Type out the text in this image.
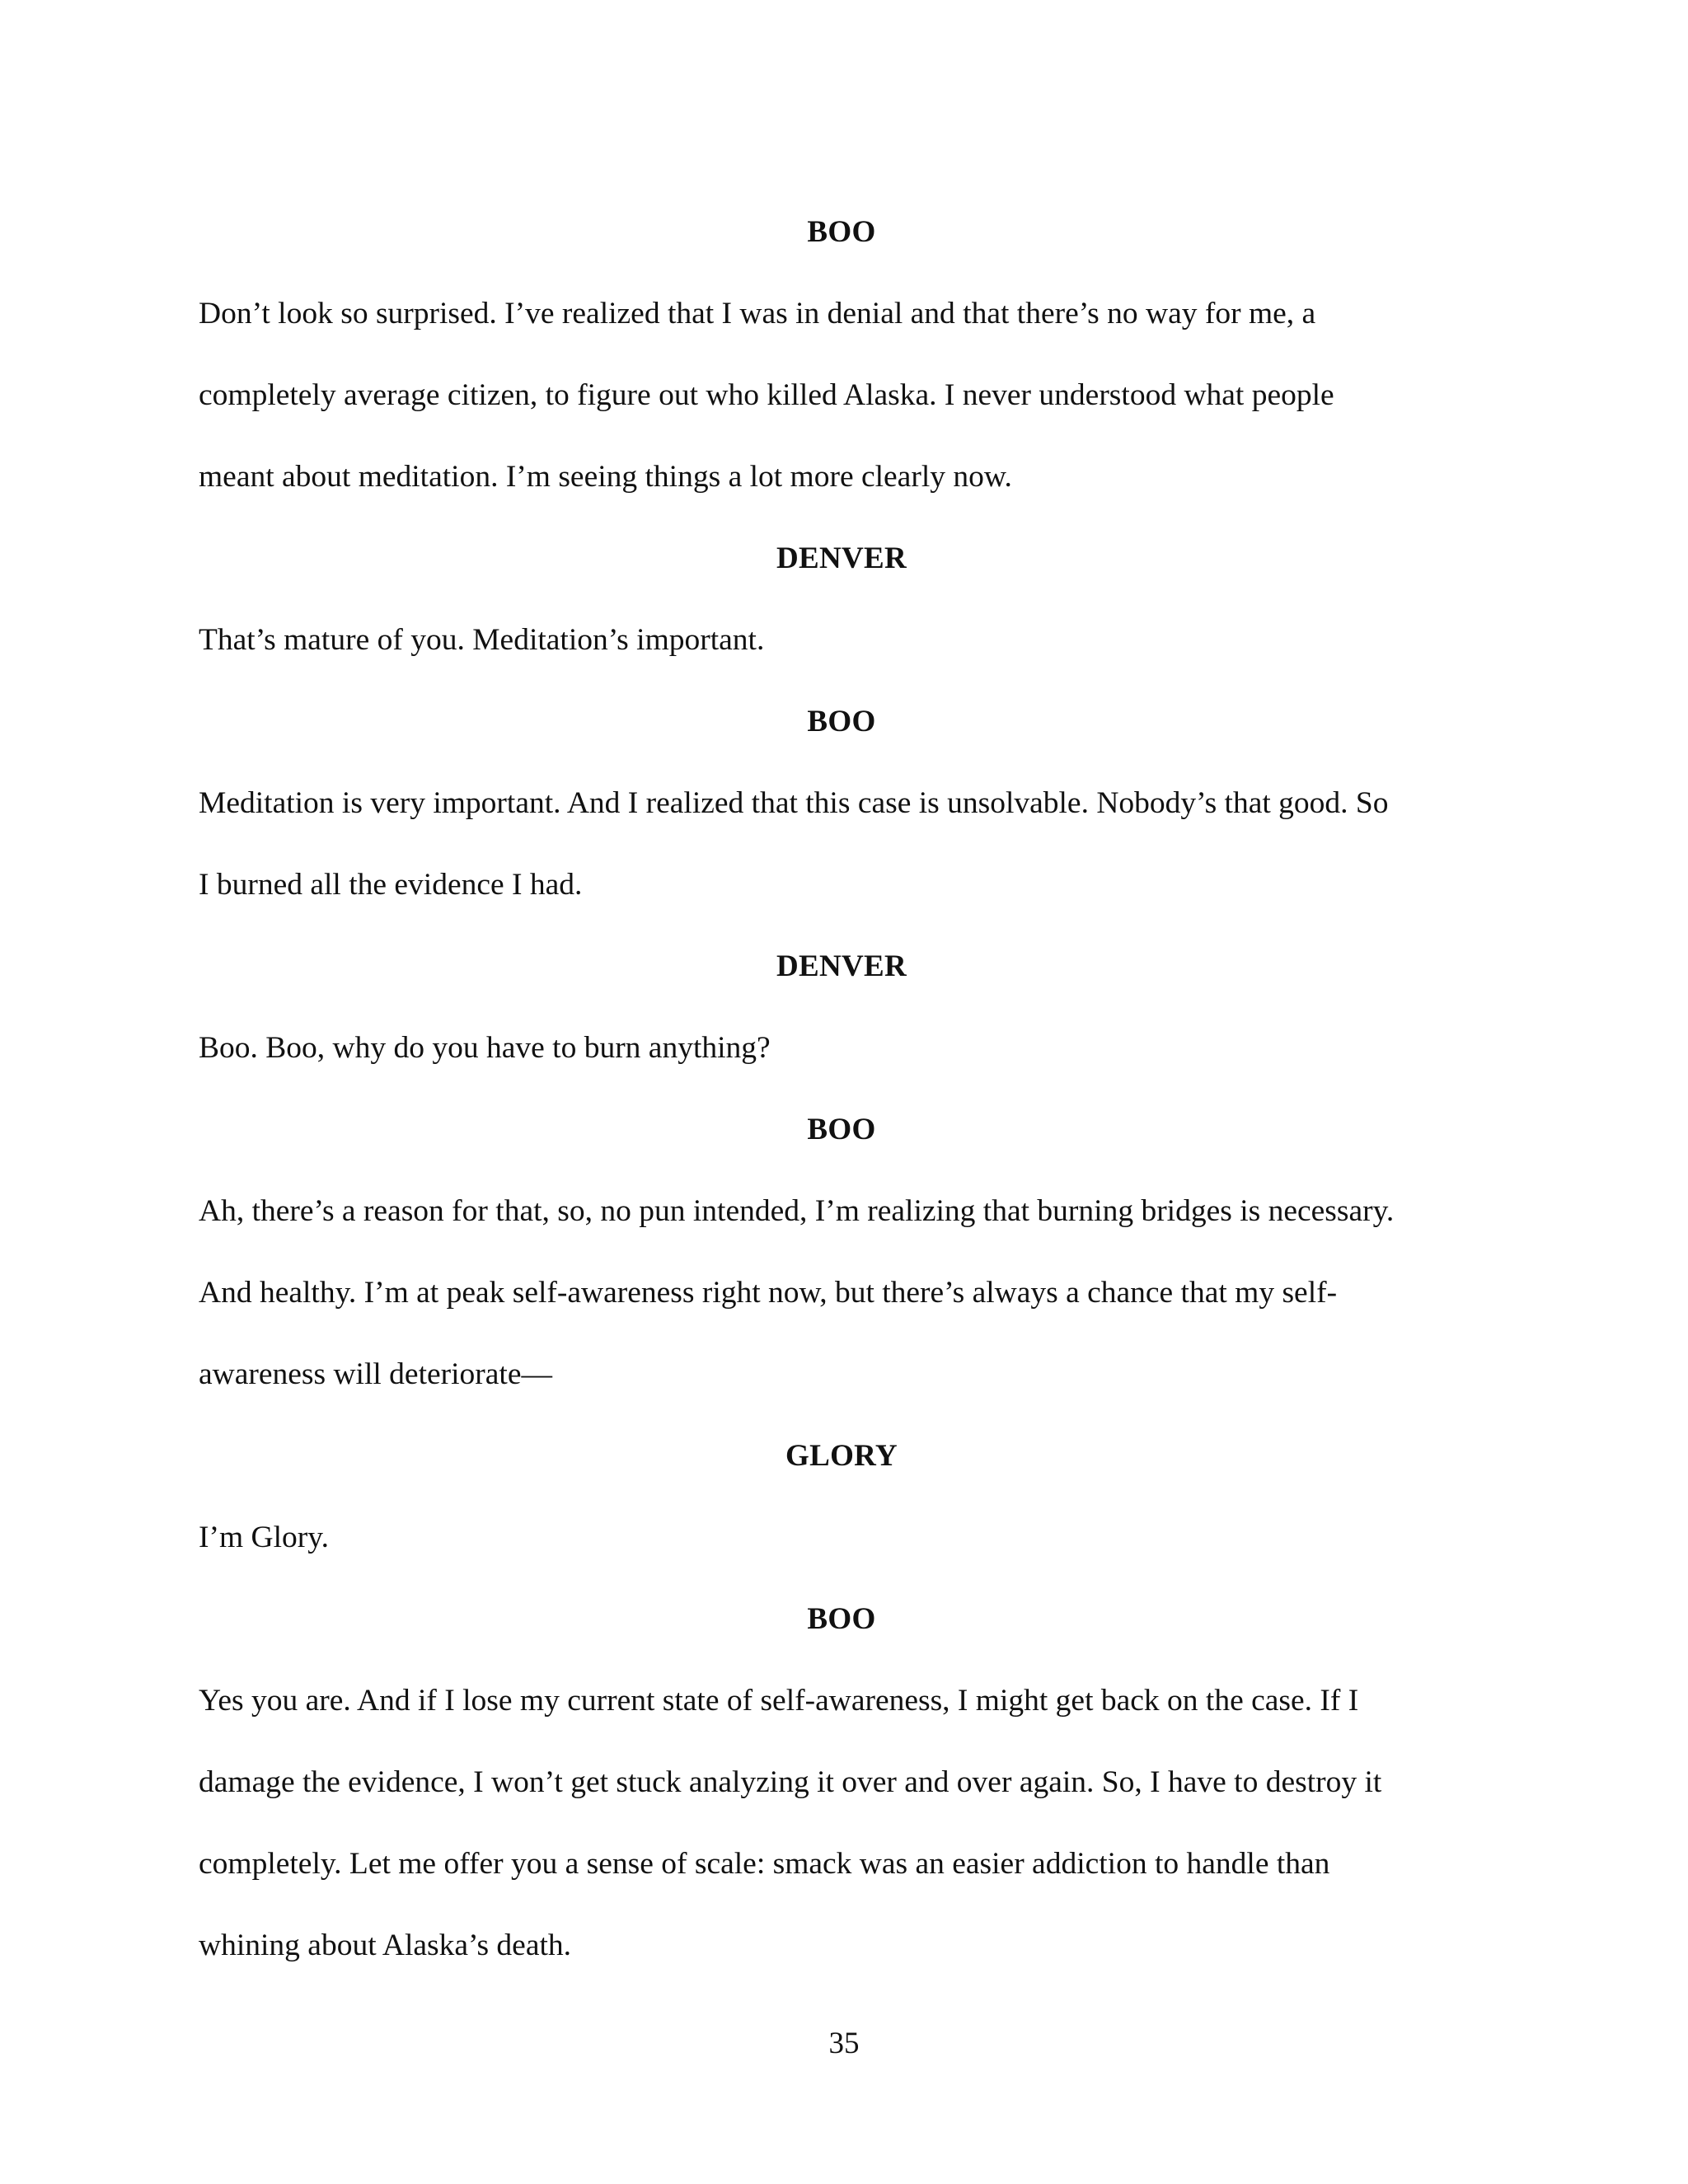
BOO

Don’t look so surprised. I’ve realized that I was in denial and that there’s no way for me, a

completely average citizen, to figure out who killed Alaska. I never understood what people

meant about meditation. I’m seeing things a lot more clearly now.

DENVER

That’s mature of you. Meditation’s important.

BOO

Meditation is very important. And I realized that this case is unsolvable. Nobody’s that good. So

I burned all the evidence I had.

DENVER

Boo. Boo, why do you have to burn anything?

BOO

Ah, there’s a reason for that, so, no pun intended, I’m realizing that burning bridges is necessary.

And healthy. I’m at peak self-awareness right now, but there’s always a chance that my self-

awareness will deteriorate—

GLORY

I’m Glory.

BOO

Yes you are. And if I lose my current state of self-awareness, I might get back on the case. If I

damage the evidence, I won’t get stuck analyzing it over and over again. So, I have to destroy it

completely. Let me offer you a sense of scale: smack was an easier addiction to handle than

whining about Alaska’s death.

35
